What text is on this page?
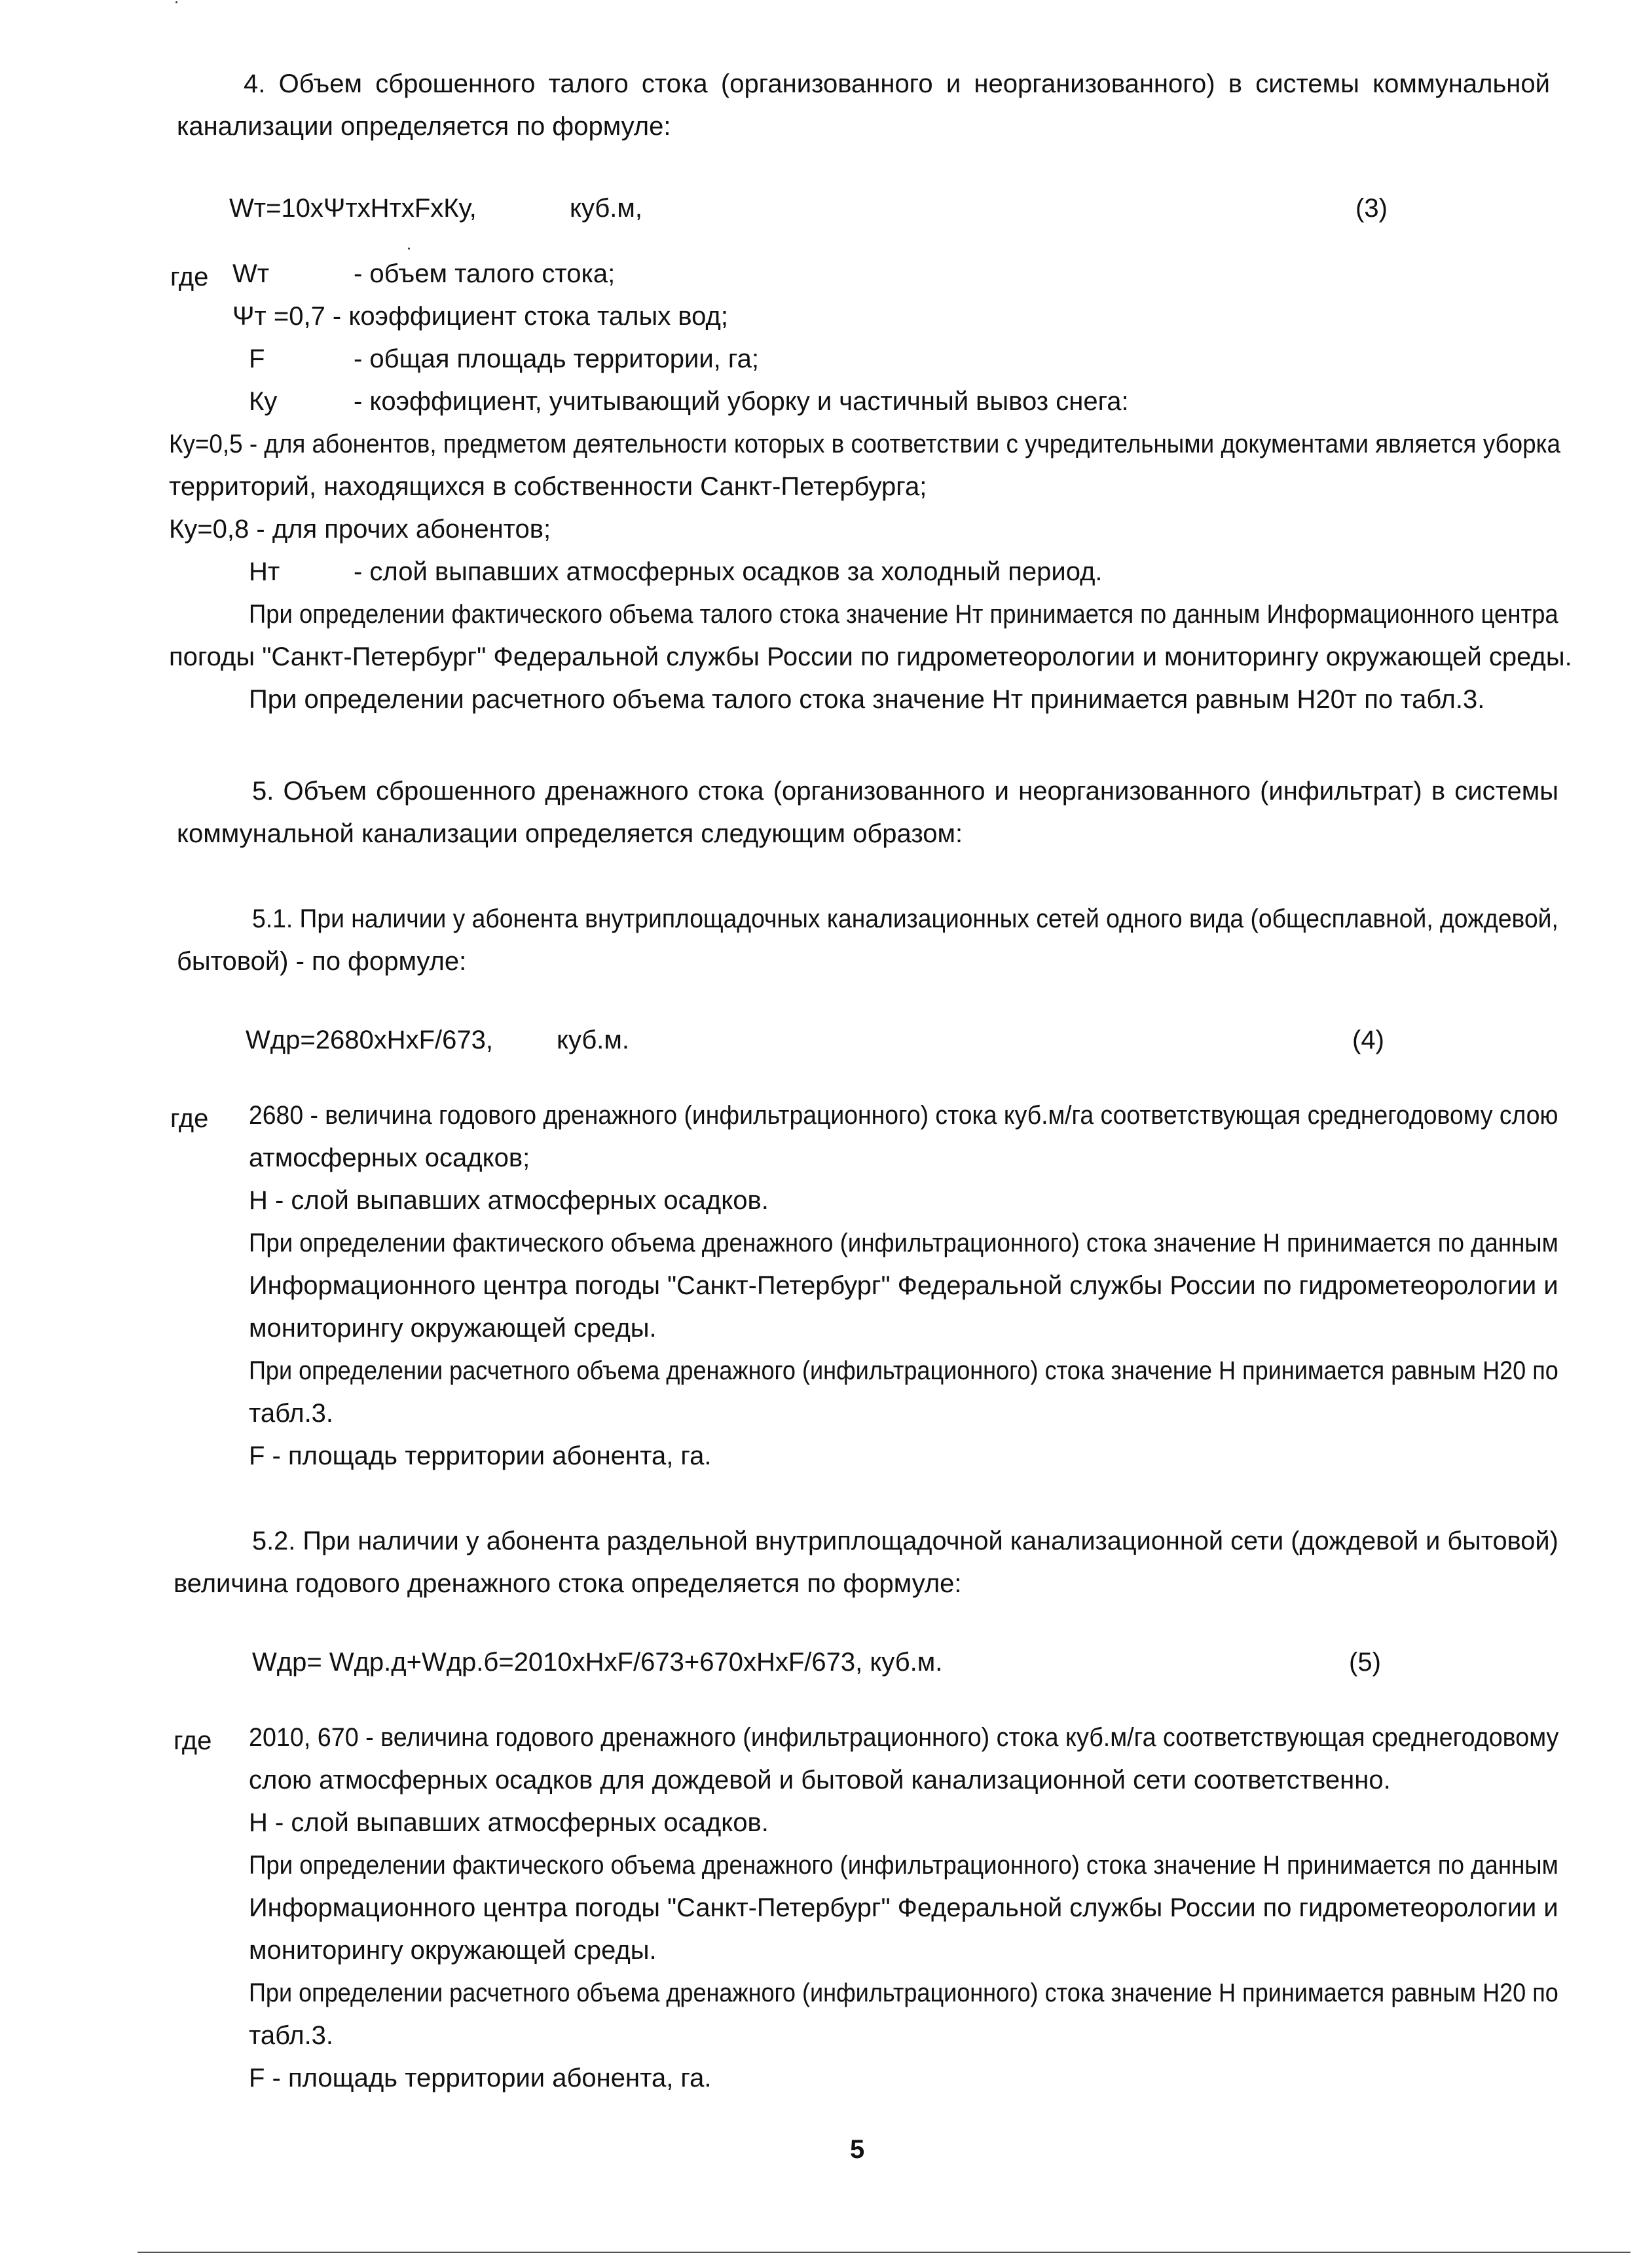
4. Объем сброшенного талого стока (организованного и неорганизованного) в системы коммунальной
канализации определяется по формуле:
Wт=10хΨтхНтхFхКу,	куб.м,	(3)
где Wт	- объем талого стока;
Ψт =0,7 - коэффициент стока талых вод;
F	- общая площадь территории, га;
Ку	- коэффициент, учитывающий уборку и частичный вывоз снега:
Ку=0,5 - для абонентов, предметом деятельности которых в соответствии с учредительными документами является уборка
территорий, находящихся в собственности Санкт-Петербурга;
Ку=0,8 - для прочих абонентов;
Нт	- слой выпавших атмосферных осадков за холодный период.
При определении фактического объема талого стока значение Нт принимается по данным Информационного центра
погоды "Санкт-Петербург" Федеральной службы России по гидрометеорологии и мониторингу окружающей среды.
При определении расчетного объема талого стока значение Нт принимается равным Н20т по табл.3.
5. Объем сброшенного дренажного стока (организованного и неорганизованного (инфильтрат) в системы
коммунальной канализации определяется следующим образом:
5.1. При наличии у абонента внутриплощадочных канализационных сетей одного вида (общесплавной, дождевой,
бытовой) - по формуле:
Wдр=2680хНхF/673, куб.м.	(4)
где 2680 - величина годового дренажного (инфильтрационного) стока куб.м/га соответствующая среднегодовому слою
атмосферных осадков;
Н - слой выпавших атмосферных осадков.
При определении фактического объема дренажного (инфильтрационного) стока значение Н принимается по данным
Информационного центра погоды "Санкт-Петербург" Федеральной службы России по гидрометеорологии и
мониторингу окружающей среды.
При определении расчетного объема дренажного (инфильтрационного) стока значение Н принимается равным Н20 по
табл.3.
F - площадь территории абонента, га.
5.2. При наличии у абонента раздельной внутриплощадочной канализационной сети (дождевой и бытовой)
величина годового дренажного стока определяется по формуле:
Wдр= Wдр.д+Wдр.б=2010хНхF/673+670хНхF/673, куб.м.	(5)
где 2010, 670 - величина годового дренажного (инфильтрационного) стока куб.м/га соответствующая среднегодовому
слою атмосферных осадков для дождевой и бытовой канализационной сети соответственно.
Н - слой выпавших атмосферных осадков.
При определении фактического объема дренажного (инфильтрационного) стока значение Н принимается по данным
Информационного центра погоды "Санкт-Петербург" Федеральной службы России по гидрометеорологии и
мониторингу окружающей среды.
При определении расчетного объема дренажного (инфильтрационного) стока значение Н принимается равным Н20 по
табл.3.
F - площадь территории абонента, га.
5
